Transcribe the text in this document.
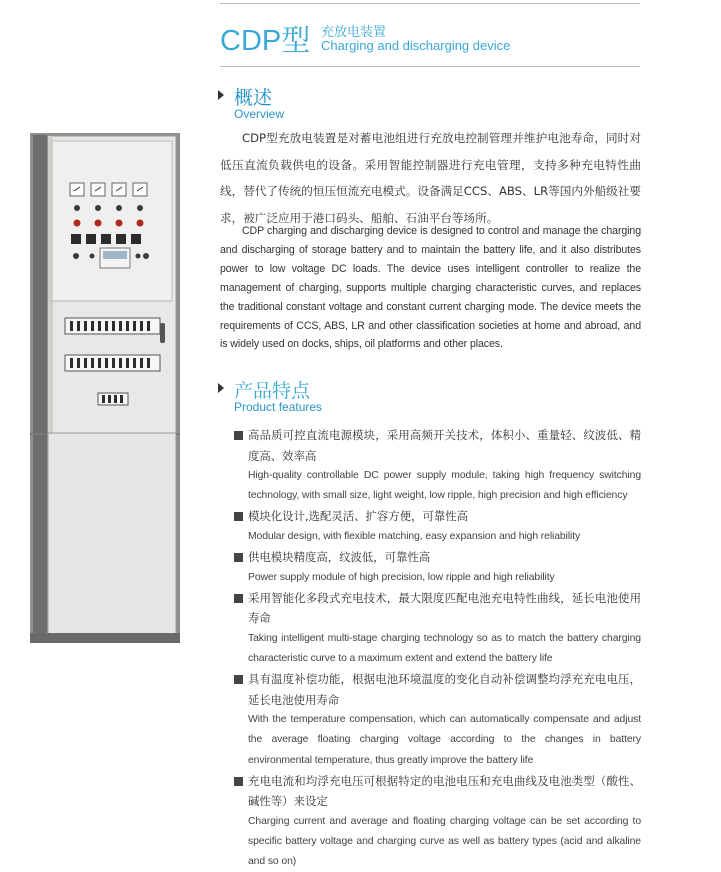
CDP型 充放电装置
Charging and discharging device
概述
Overview
CDP型充放电装置是对蓄电池组进行充放电控制管理并维护电池寿命，同时对低压直流负载供电的设备。采用智能控制器进行充电管理，支持多种充电特性曲线，替代了传统的恒压恒流充电模式。设备满足CCS、ABS、LR等国内外船级社要求，被广泛应用于港口码头、船舶、石油平台等场所。
CDP charging and discharging device is designed to control and manage the charging and discharging of storage battery and to maintain the battery life, and it also distributes power to low voltage DC loads. The device uses intelligent controller to realize the management of charging, supports multiple charging characteristic curves, and replaces the traditional constant voltage and constant current charging mode. The device meets the requirements of CCS, ABS, LR and other classification societies at home and abroad, and is widely used on docks, ships, oil platforms and other places.
产品特点
Product features
高品质可控直流电源模块，采用高频开关技术，体积小、重量轻、纹波低、精度高、效率高
High-quality controllable DC power supply module, taking high frequency switching technology, with small size, light weight, low ripple, high precision and high efficiency
模块化设计,选配灵活、扩容方便，可靠性高
Modular design, with flexible matching, easy expansion and high reliability
供电模块精度高，纹波低，可靠性高
Power supply module of high precision, low ripple and high reliability
采用智能化多段式充电技术，最大限度匹配电池充电特性曲线，延长电池使用寿命
Taking intelligent multi-stage charging technology so as to match the battery charging characteristic curve to a maximum extent and extend the battery life
具有温度补偿功能，根据电池环境温度的变化自动补偿调整均浮充充电电压，延长电池使用寿命
With the temperature compensation, which can automatically compensate and adjust the average floating charging voltage according to the changes in battery environmental temperature, thus greatly improve the battery life
充电电流和均浮充电压可根据特定的电池电压和充电曲线及电池类型（酸性、碱性等）来设定
Charging current and average and floating charging voltage can be set according to specific battery voltage and charging curve as well as battery types (acid and alkaline and so on)
